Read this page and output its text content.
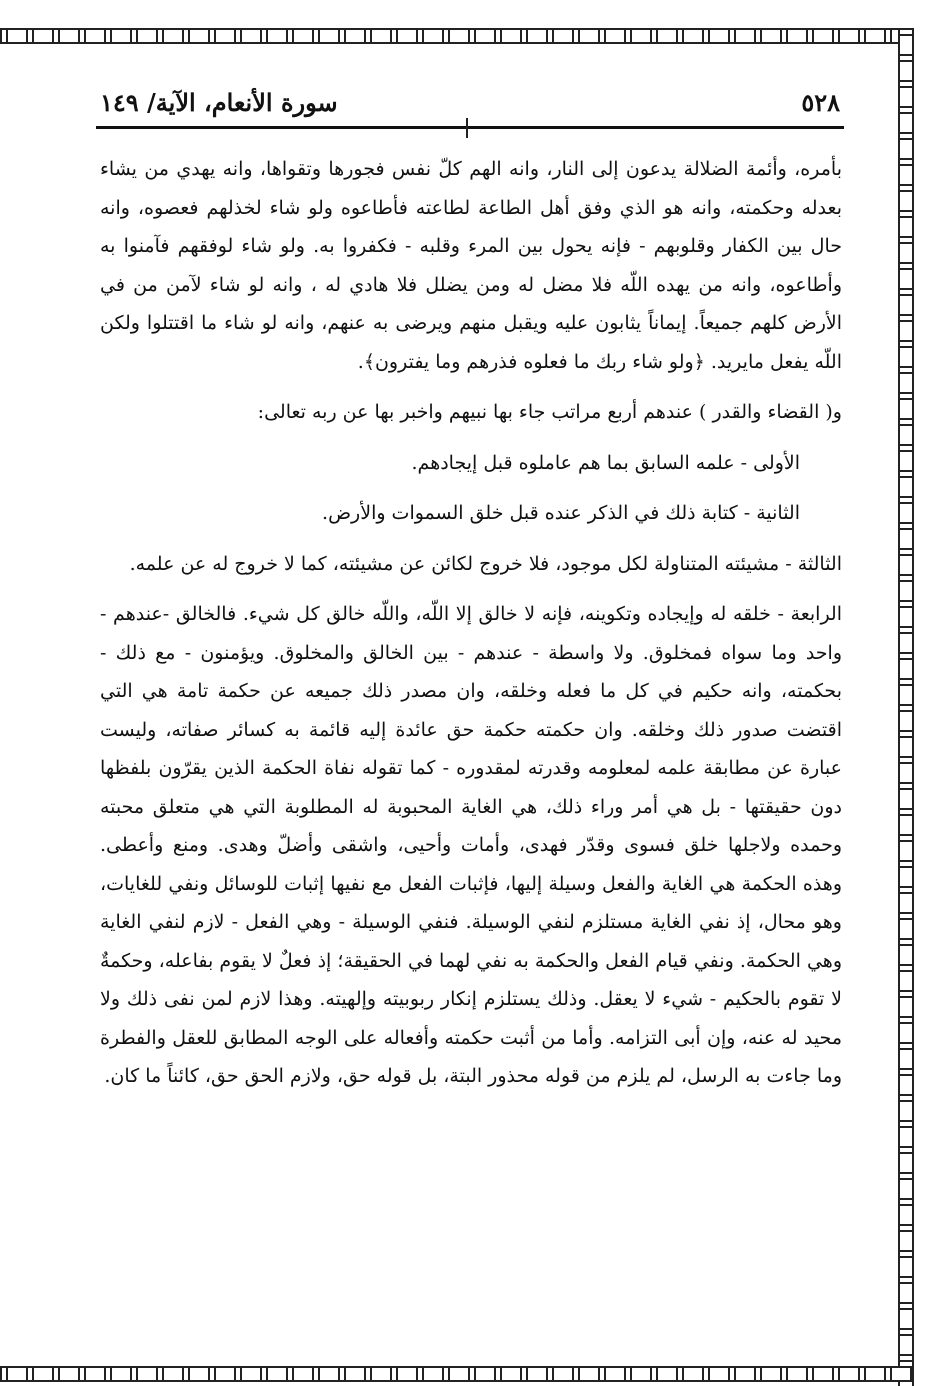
٥٢٨
سورة الأنعام، الآية/ ١٤٩

بأمره، وأئمة الضلالة يدعون إلى النار، وانه الهم كلّ نفس فجورها وتقواها، وانه يهدي من يشاء بعدله وحكمته، وانه هو الذي وفق أهل الطاعة لطاعته فأطاعوه ولو شاء لخذلهم فعصوه، وانه حال بين الكفار وقلوبهم - فإنه يحول بين المرء وقلبه - فكفروا به. ولو شاء لوفقهم فآمنوا به وأطاعوه، وانه من يهده اللّه فلا مضل له ومن يضلل فلا هادي له ، وانه لو شاء لآمن من في الأرض كلهم جميعاً. إيماناً يثابون عليه ويقبل منهم ويرضى به عنهم، وانه لو شاء ما اقتتلوا ولكن اللّه يفعل مايريد. ﴿ولو شاء ربك ما فعلوه فذرهم وما يفترون﴾.

و( القضاء والقدر ) عندهم أربع مراتب جاء بها نبيهم واخبر بها عن ربه تعالى:

الأولى - علمه السابق بما هم عاملوه قبل إيجادهم.

الثانية - كتابة ذلك في الذكر عنده قبل خلق السموات والأرض.

الثالثة - مشيئته المتناولة لكل موجود، فلا خروج لكائن عن مشيئته، كما لا خروج له عن علمه.

الرابعة - خلقه له وإيجاده وتكوينه، فإنه لا خالق إلا اللّه، واللّه خالق كل شيء. فالخالق -عندهم - واحد وما سواه فمخلوق. ولا واسطة - عندهم - بين الخالق والمخلوق. ويؤمنون - مع ذلك - بحكمته، وانه حكيم في كل ما فعله وخلقه، وان مصدر ذلك جميعه عن حكمة تامة هي التي اقتضت صدور ذلك وخلقه. وان حكمته حكمة حق عائدة إليه قائمة به كسائر صفاته، وليست عبارة عن مطابقة علمه لمعلومه وقدرته لمقدوره - كما تقوله نفاة الحكمة الذين يقرّون بلفظها دون حقيقتها - بل هي أمر وراء ذلك، هي الغاية المحبوبة له المطلوبة التي هي متعلق محبته وحمده ولاجلها خلق فسوى وقدّر فهدى، وأمات وأحيى، واشقى وأضلّ وهدى. ومنع وأعطى. وهذه الحكمة هي الغاية والفعل وسيلة إليها، فإثبات الفعل مع نفيها إثبات للوسائل ونفي للغايات، وهو محال، إذ نفي الغاية مستلزم لنفي الوسيلة. فنفي الوسيلة - وهي الفعل - لازم لنفي الغاية وهي الحكمة. ونفي قيام الفعل والحكمة به نفي لهما في الحقيقة؛ إذ فعلٌ لا يقوم بفاعله، وحكمةٌ لا تقوم بالحكيم - شيء لا يعقل. وذلك يستلزم إنكار ربوبيته وإلهيته. وهذا لازم لمن نفى ذلك ولا محيد له عنه، وإن أبى التزامه. وأما من أثبت حكمته وأفعاله على الوجه المطابق للعقل والفطرة وما جاءت به الرسل، لم يلزم من قوله محذور البتة، بل قوله حق، ولازم الحق حق، كائناً ما كان.
